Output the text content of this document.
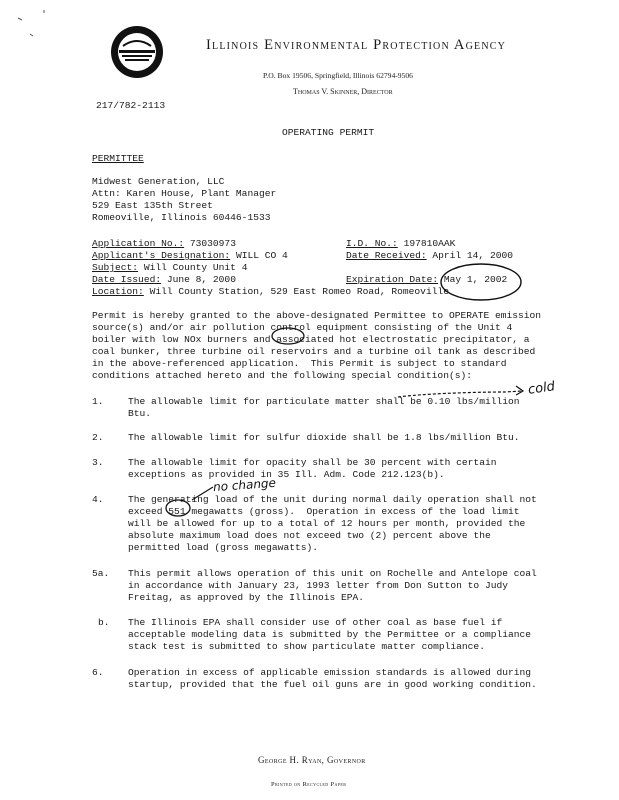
Illinois Environmental Protection Agency
P.O. Box 19506, Springfield, Illinois 62794-9506
Thomas V. Skinner, Director
217/782-2113
OPERATING PERMIT
PERMITTEE
Midwest Generation, LLC
Attn: Karen House, Plant Manager
529 East 135th Street
Romeoville, Illinois 60446-1533
Application No.: 73030973	I.D. No.: 197810AAK
Applicant's Designation: WILL CO 4	Date Received: April 14, 2000
Subject: Will County Unit 4
Date Issued: June 8, 2000	Expiration Date: May 1, 2002
Location: Will County Station, 529 East Romeo Road, Romeoville
Permit is hereby granted to the above-designated Permittee to OPERATE emission
source(s) and/or air pollution control equipment consisting of the Unit 4
boiler with low NOx burners and associated hot electrostatic precipitator, a
coal bunker, three turbine oil reservoirs and a turbine oil tank as described
in the above-referenced application.  This Permit is subject to standard
conditions attached hereto and the following special condition(s):
1.	The allowable limit for particulate matter shall be 0.10 lbs/million
Btu.
2.	The allowable limit for sulfur dioxide shall be 1.8 lbs/million Btu.
3.	The allowable limit for opacity shall be 30 percent with certain
exceptions as provided in 35 Ill. Adm. Code 212.123(b).
4.	The generating load of the unit during normal daily operation shall not
exceed 551 megawatts (gross).  Operation in excess of the load limit
will be allowed for up to a total of 12 hours per month, provided the
absolute maximum load does not exceed two (2) percent above the
permitted load (gross megawatts).
5a. This permit allows operation of this unit on Rochelle and Antelope coal
in accordance with January 23, 1993 letter from Don Sutton to Judy
Freitag, as approved by the Illinois EPA.
b. The Illinois EPA shall consider use of other coal as base fuel if
acceptable modeling data is submitted by the Permittee or a compliance
stack test is submitted to show particulate matter compliance.
6.	Operation in excess of applicable emission standards is allowed during
startup, provided that the fuel oil guns are in good working condition.
cold
no change
George H. Ryan, Governor
Printed on Recycled Paper
